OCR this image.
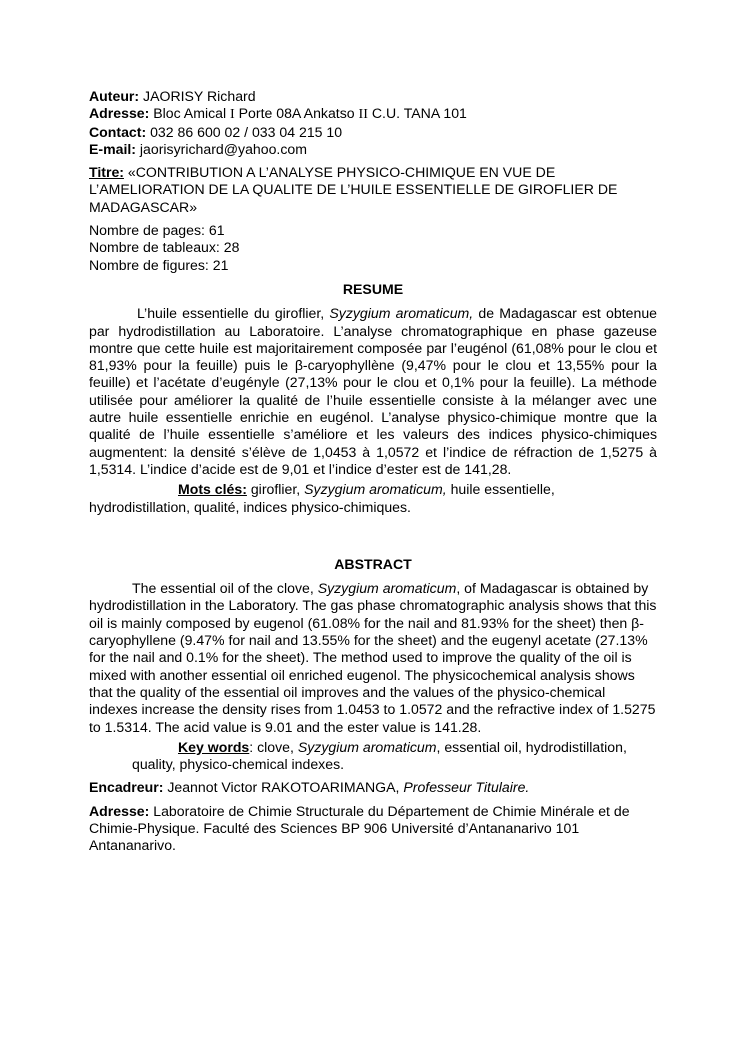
Auteur: JAORISY Richard

Adresse: Bloc Amical I Porte 08A Ankatso II C.U. TANA 101

Contact: 032 86 600 02 / 033 04 215 10

E-mail: jaorisyrichard@yahoo.com

Titre: «CONTRIBUTION A L’ANALYSE PHYSICO-CHIMIQUE EN VUE DE L’AMELIORATION DE LA QUALITE DE L’HUILE ESSENTIELLE DE GIROFLIER DE MADAGASCAR»

Nombre de pages: 61

Nombre de tableaux: 28

Nombre de figures: 21

RESUME

L’huile essentielle du giroflier, Syzygium aromaticum, de Madagascar est obtenue par hydrodistillation au Laboratoire. L’analyse chromatographique en phase gazeuse montre que cette huile est majoritairement composée par l’eugénol (61,08% pour le clou et 81,93% pour la feuille) puis le β-caryophyllène (9,47% pour le clou et 13,55% pour la feuille) et l’acétate d’eugényle (27,13% pour le clou et 0,1% pour la feuille). La méthode utilisée pour améliorer la qualité de l’huile essentielle consiste à la mélanger avec une autre huile essentielle enrichie en eugénol. L’analyse physico-chimique montre que la qualité de l’huile essentielle s’améliore et les valeurs des indices physico-chimiques augmentent: la densité s’élève de 1,0453 à 1,0572 et l’indice de réfraction de 1,5275 à 1,5314. L’indice d’acide est de 9,01 et l’indice d’ester est de 141,28.

Mots clés: giroflier, Syzygium aromaticum, huile essentielle, hydrodistillation, qualité, indices physico-chimiques.

ABSTRACT

The essential oil of the clove, Syzygium aromaticum, of Madagascar is obtained by hydrodistillation in the Laboratory. The gas phase chromatographic analysis shows that this oil is mainly composed by eugenol (61.08% for the nail and 81.93% for the sheet) then β-caryophyllene (9.47% for nail and 13.55% for the sheet) and the eugenyl acetate (27.13% for the nail and 0.1% for the sheet). The method used to improve the quality of the oil is mixed with another essential oil enriched eugenol. The physicochemical analysis shows that the quality of the essential oil improves and the values of the physico-chemical indexes increase the density rises from 1.0453 to 1.0572 and the refractive index of 1.5275 to 1.5314. The acid value is 9.01 and the ester value is 141.28.

Key words: clove, Syzygium aromaticum, essential oil, hydrodistillation, quality, physico-chemical indexes.

Encadreur: Jeannot Victor RAKOTOARIMANGA, Professeur Titulaire.

Adresse: Laboratoire de Chimie Structurale du Département de Chimie Minérale et de Chimie-Physique. Faculté des Sciences BP 906 Université d’Antananarivo 101 Antananarivo.
